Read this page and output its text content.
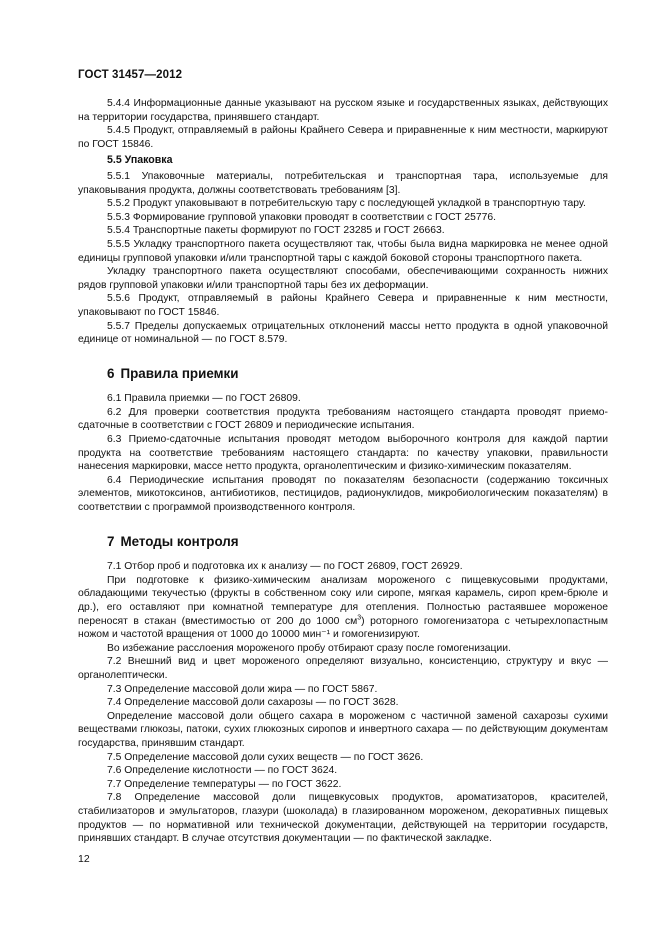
ГОСТ 31457—2012

5.4.4 Информационные данные указывают на русском языке и государственных языках, действующих на территории государства, принявшего стандарт.

5.4.5 Продукт, отправляемый в районы Крайнего Севера и приравненные к ним местности, маркируют по ГОСТ 15846.

5.5 Упаковка

5.5.1 Упаковочные материалы, потребительская и транспортная тара, используемые для упаковывания продукта, должны соответствовать требованиям [3].

5.5.2 Продукт упаковывают в потребительскую тару с последующей укладкой в транспортную тару.

5.5.3 Формирование групповой упаковки проводят в соответствии с ГОСТ 25776.

5.5.4 Транспортные пакеты формируют по ГОСТ 23285 и ГОСТ 26663.

5.5.5 Укладку транспортного пакета осуществляют так, чтобы была видна маркировка не менее одной единицы групповой упаковки и/или транспортной тары с каждой боковой стороны транспортного пакета.

Укладку транспортного пакета осуществляют способами, обеспечивающими сохранность нижних рядов групповой упаковки и/или транспортной тары без их деформации.

5.5.6 Продукт, отправляемый в районы Крайнего Севера и приравненные к ним местности, упаковывают по ГОСТ 15846.

5.5.7 Пределы допускаемых отрицательных отклонений массы нетто продукта в одной упаковочной единице от номинальной — по ГОСТ 8.579.

6 Правила приемки

6.1 Правила приемки — по ГОСТ 26809.

6.2 Для проверки соответствия продукта требованиям настоящего стандарта проводят приемо-сдаточные в соответствии с ГОСТ 26809 и периодические испытания.

6.3 Приемо-сдаточные испытания проводят методом выборочного контроля для каждой партии продукта на соответствие требованиям настоящего стандарта: по качеству упаковки, правильности нанесения маркировки, массе нетто продукта, органолептическим и физико-химическим показателям.

6.4 Периодические испытания проводят по показателям безопасности (содержанию токсичных элементов, микотоксинов, антибиотиков, пестицидов, радионуклидов, микробиологическим показателям) в соответствии с программой производственного контроля.

7 Методы контроля

7.1 Отбор проб и подготовка их к анализу — по ГОСТ 26809, ГОСТ 26929.

При подготовке к физико-химическим анализам мороженого с пищевкусовыми продуктами, обладающими текучестью (фрукты в собственном соку или сиропе, мягкая карамель, сироп крем-брюле и др.), его оставляют при комнатной температуре для отепления. Полностью растаявшее мороженое переносят в стакан (вместимостью от 200 до 1000 $см^3$) роторного гомогенизатора с четырехлопастным ножом и частотой вращения от 1000 до 10000 мин⁻¹ и гомогенизируют.

Во избежание расслоения мороженого пробу отбирают сразу после гомогенизации.

7.2 Внешний вид и цвет мороженого определяют визуально, консистенцию, структуру и вкус — органолептически.

7.3 Определение массовой доли жира — по ГОСТ 5867.

7.4 Определение массовой доли сахарозы — по ГОСТ 3628.

Определение массовой доли общего сахара в мороженом с частичной заменой сахарозы сухими веществами глюкозы, патоки, сухих глюкозных сиропов и инвертного сахара — по действующим документам государства, принявшим стандарт.

7.5 Определение массовой доли сухих веществ — по ГОСТ 3626.

7.6 Определение кислотности — по ГОСТ 3624.

7.7 Определение температуры — по ГОСТ 3622.

7.8 Определение массовой доли пищевкусовых продуктов, ароматизаторов, красителей, стабилизаторов и эмульгаторов, глазури (шоколада) в глазированном мороженом, декоративных пищевых продуктов — по нормативной или технической документации, действующей на территории государств, принявших стандарт. В случае отсутствия документации — по фактической закладке.

12
